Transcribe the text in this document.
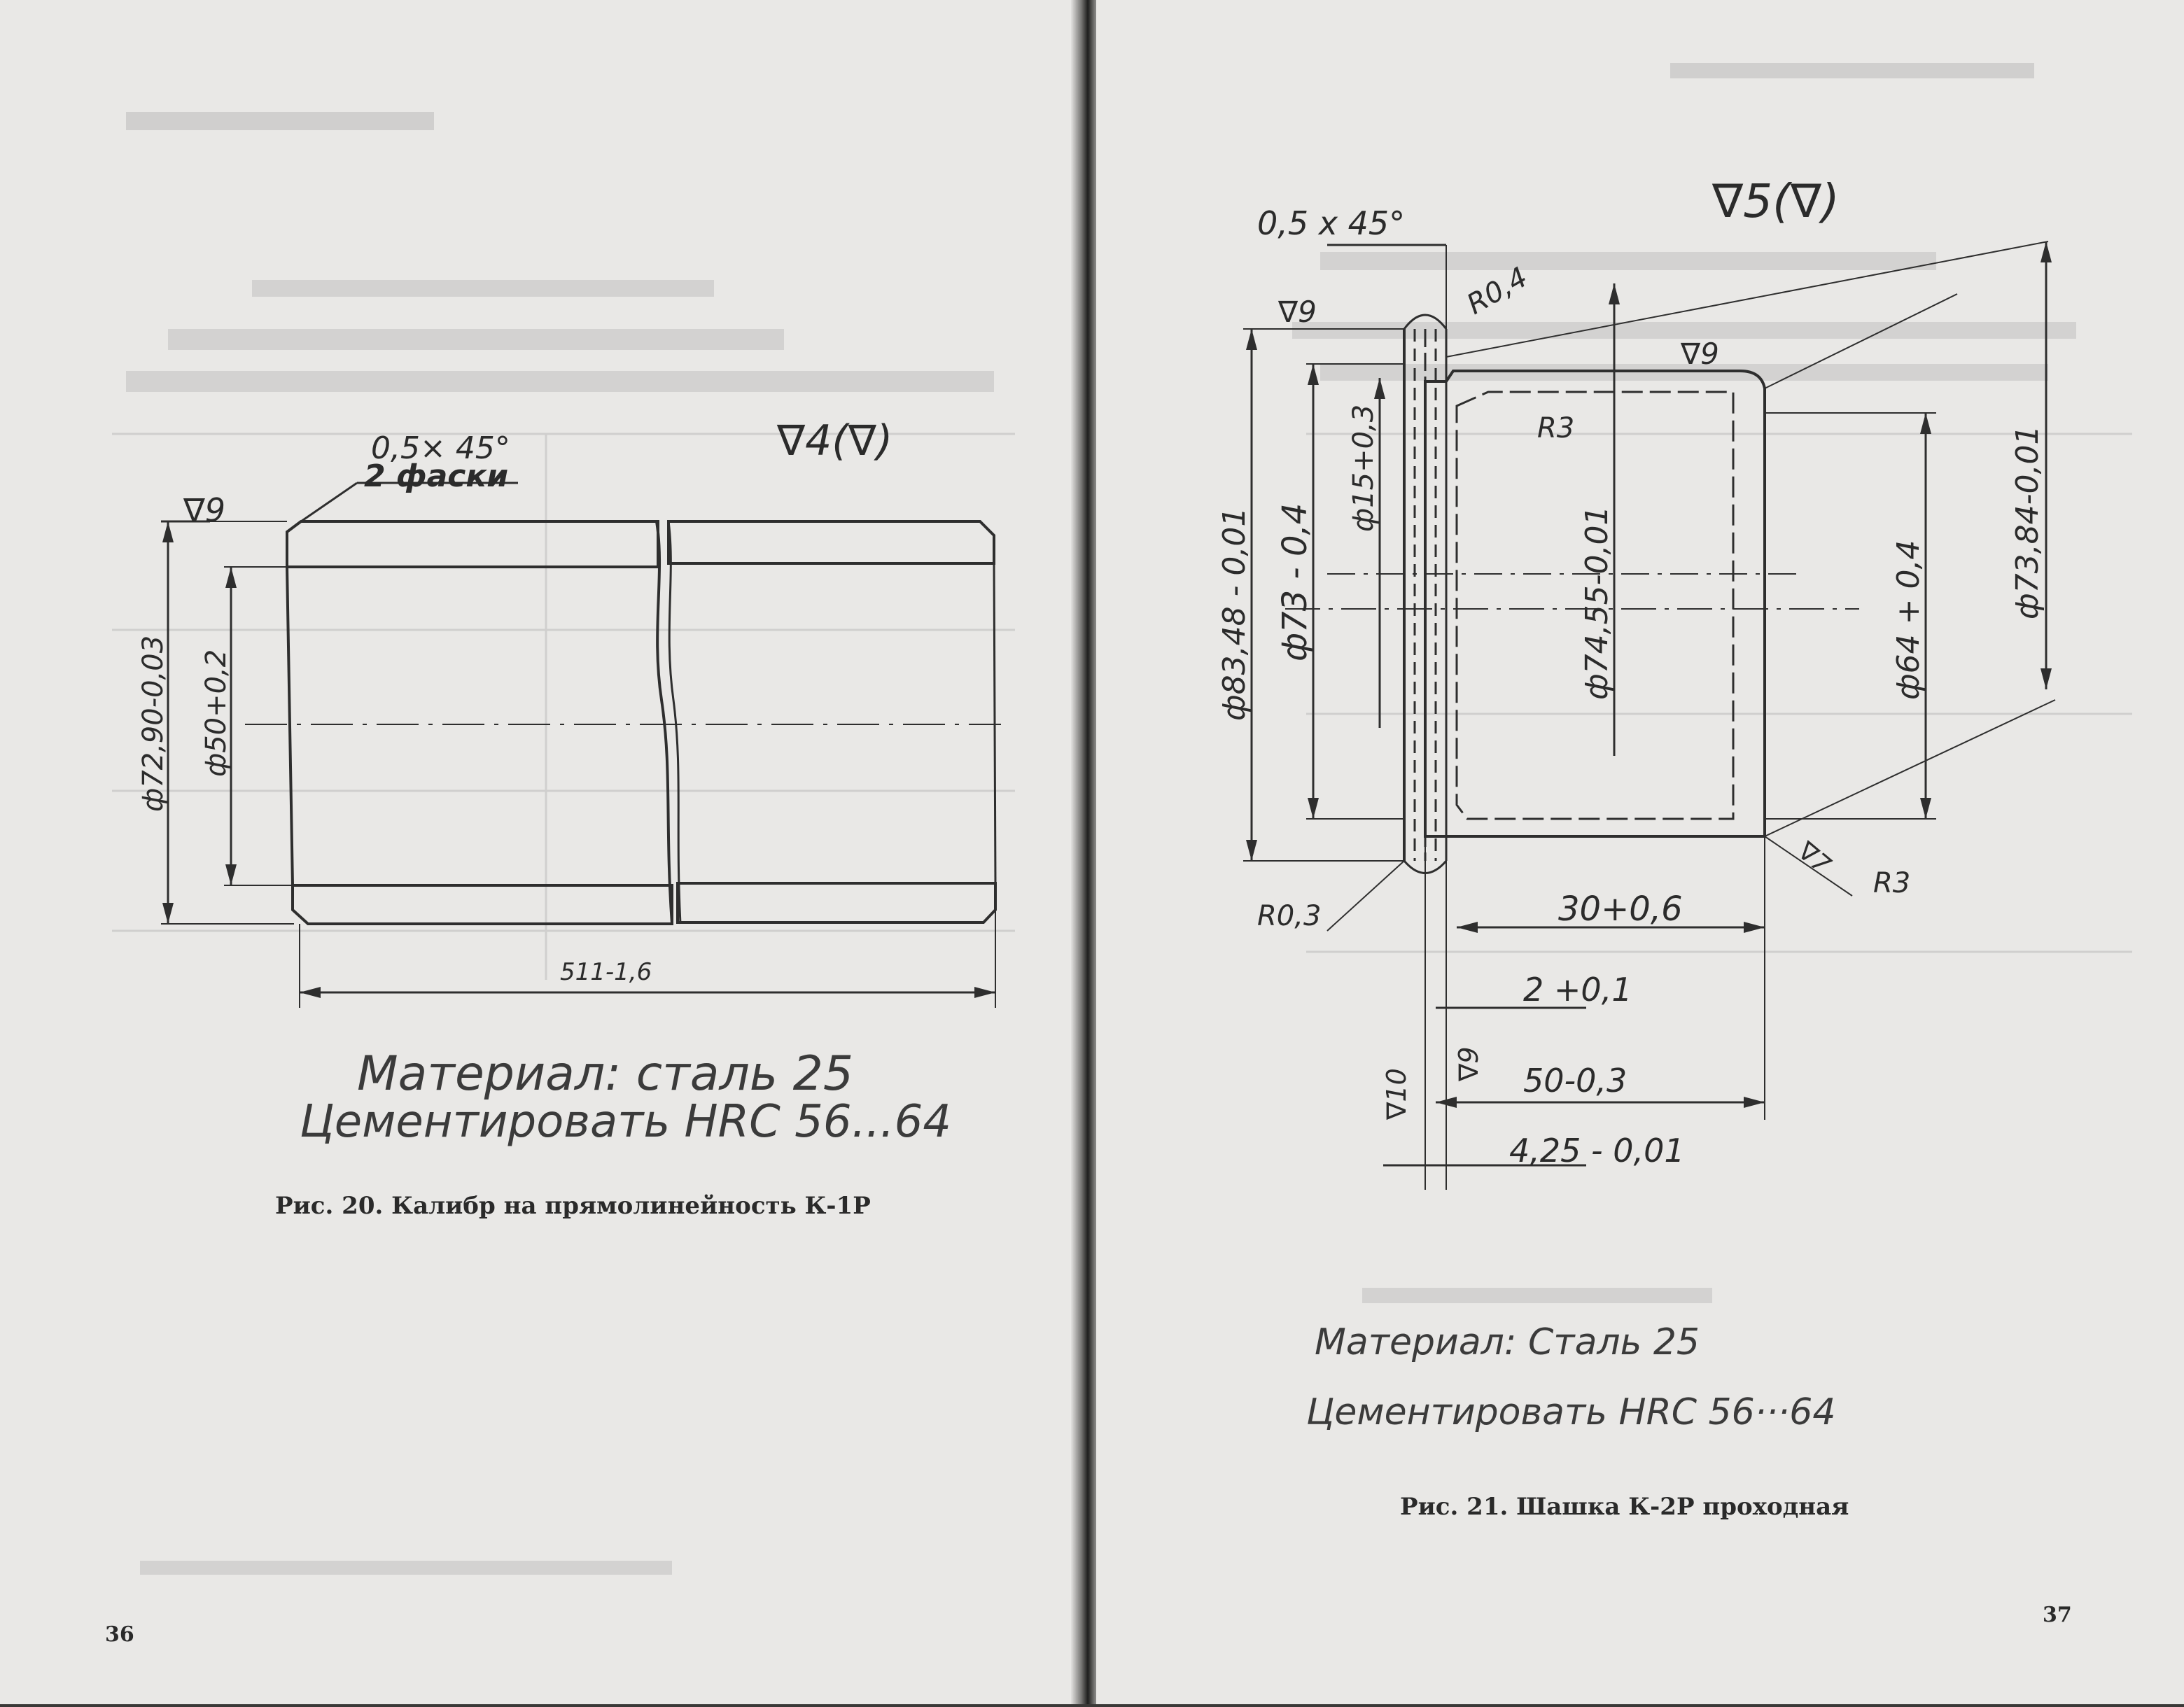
0,5× 45°
2 фаски
∇4(∇)
∇9
ф72,90-0,03 ф50+0,2
511-1,6
Материал: сталь 25
Цементировать HRC 56...64
Рис. 20. Калибр на прямолинейность К-1Р
36
0,5 x 45°	∇5(∇)
R0,4
∇9
∇9
R3
ф83,48 - 0,01 ф73 - 0,4
ф15+0,3
ф74,55-0,01	ф64 + 0,4
ф73,84-0,01
R0,3
R3
∇7
30+0,6
2 +0,1
∇10
∇9 50-0,3
4,25 - 0,01
Материал: Сталь 25
Цементировать HRC 56···64
Рис. 21. Шашка К-2Р проходная
37
